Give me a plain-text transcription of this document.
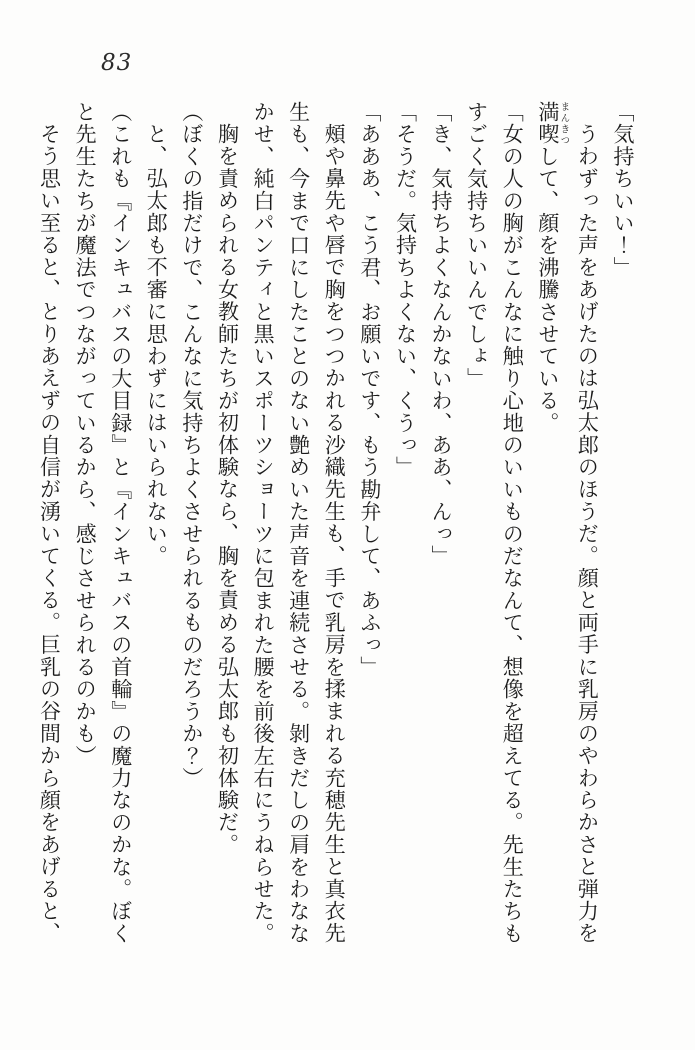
83

「気持ちいい！」

うわずった声をあげたのは弘太郎のほうだ。顔と両手に乳房のやわらかさと弾力を

満喫まんきつして、顔を沸騰させている。

「女の人の胸がこんなに触り心地のいいものだなんて、想像を超えてる。先生たちも

すごく気持ちいいんでしょ」

「き、気持ちよくなんかないわ、ああ、んっ」

「そうだ。気持ちよくない、くうっ」

「あああ、こう君、お願いです、もう勘弁して、あふっ」

頰や鼻先や唇で胸をつつかれる沙織先生も、手で乳房を揉まれる充穂先生と真衣先

生も、今まで口にしたことのない艶めいた声音を連続させる。剝きだしの肩をわなな

かせ、純白パンティと黒いスポーツショーツに包まれた腰を前後左右にうねらせた。

胸を責められる女教師たちが初体験なら、胸を責める弘太郎も初体験だ。

（ぼくの指だけで、こんなに気持ちよくさせられるものだろうか？）

と、弘太郎も不審に思わずにはいられない。

（これも『インキュバスの大目録』と『インキュバスの首輪』の魔力なのかな。ぼく

と先生たちが魔法でつながっているから、感じさせられるのかも）

そう思い至ると、とりあえずの自信が湧いてくる。巨乳の谷間から顔をあげると、
